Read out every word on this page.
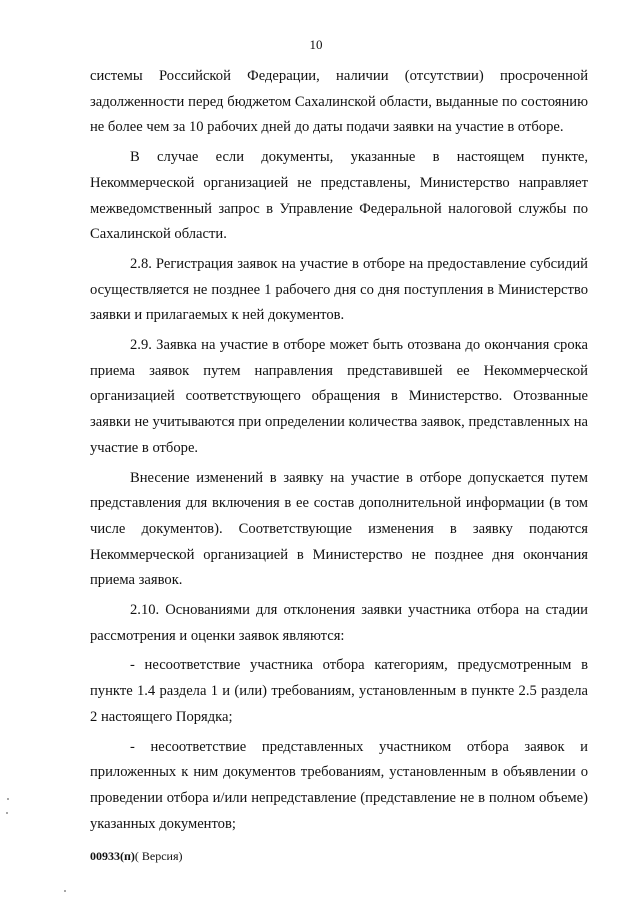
10

системы Российской Федерации, наличии (отсутствии) просроченной задолженности перед бюджетом Сахалинской области, выданные по состоянию не более чем за 10 рабочих дней до даты подачи заявки на участие в отборе.

В случае если документы, указанные в настоящем пункте, Некоммерческой организацией не представлены, Министерство направляет межведомственный запрос в Управление Федеральной налоговой службы по Сахалинской области.

2.8. Регистрация заявок на участие в отборе на предоставление субсидий осуществляется не позднее 1 рабочего дня со дня поступления в Министерство заявки и прилагаемых к ней документов.

2.9. Заявка на участие в отборе может быть отозвана до окончания срока приема заявок путем направления представившей ее Некоммерческой организацией соответствующего обращения в Министерство. Отозванные заявки не учитываются при определении количества заявок, представленных на участие в отборе.

Внесение изменений в заявку на участие в отборе допускается путем представления для включения в ее состав дополнительной информации (в том числе документов). Соответствующие изменения в заявку подаются Некоммерческой организацией в Министерство не позднее дня окончания приема заявок.

2.10. Основаниями для отклонения заявки участника отбора на стадии рассмотрения и оценки заявок являются:

- несоответствие участника отбора категориям, предусмотренным в пункте 1.4 раздела 1 и (или) требованиям, установленным в пункте 2.5 раздела 2 настоящего Порядка;

- несоответствие представленных участником отбора заявок и приложенных к ним документов требованиям, установленным в объявлении о проведении отбора и/или непредставление (представление не в полном объеме) указанных документов;

00933(п)( Версия)
